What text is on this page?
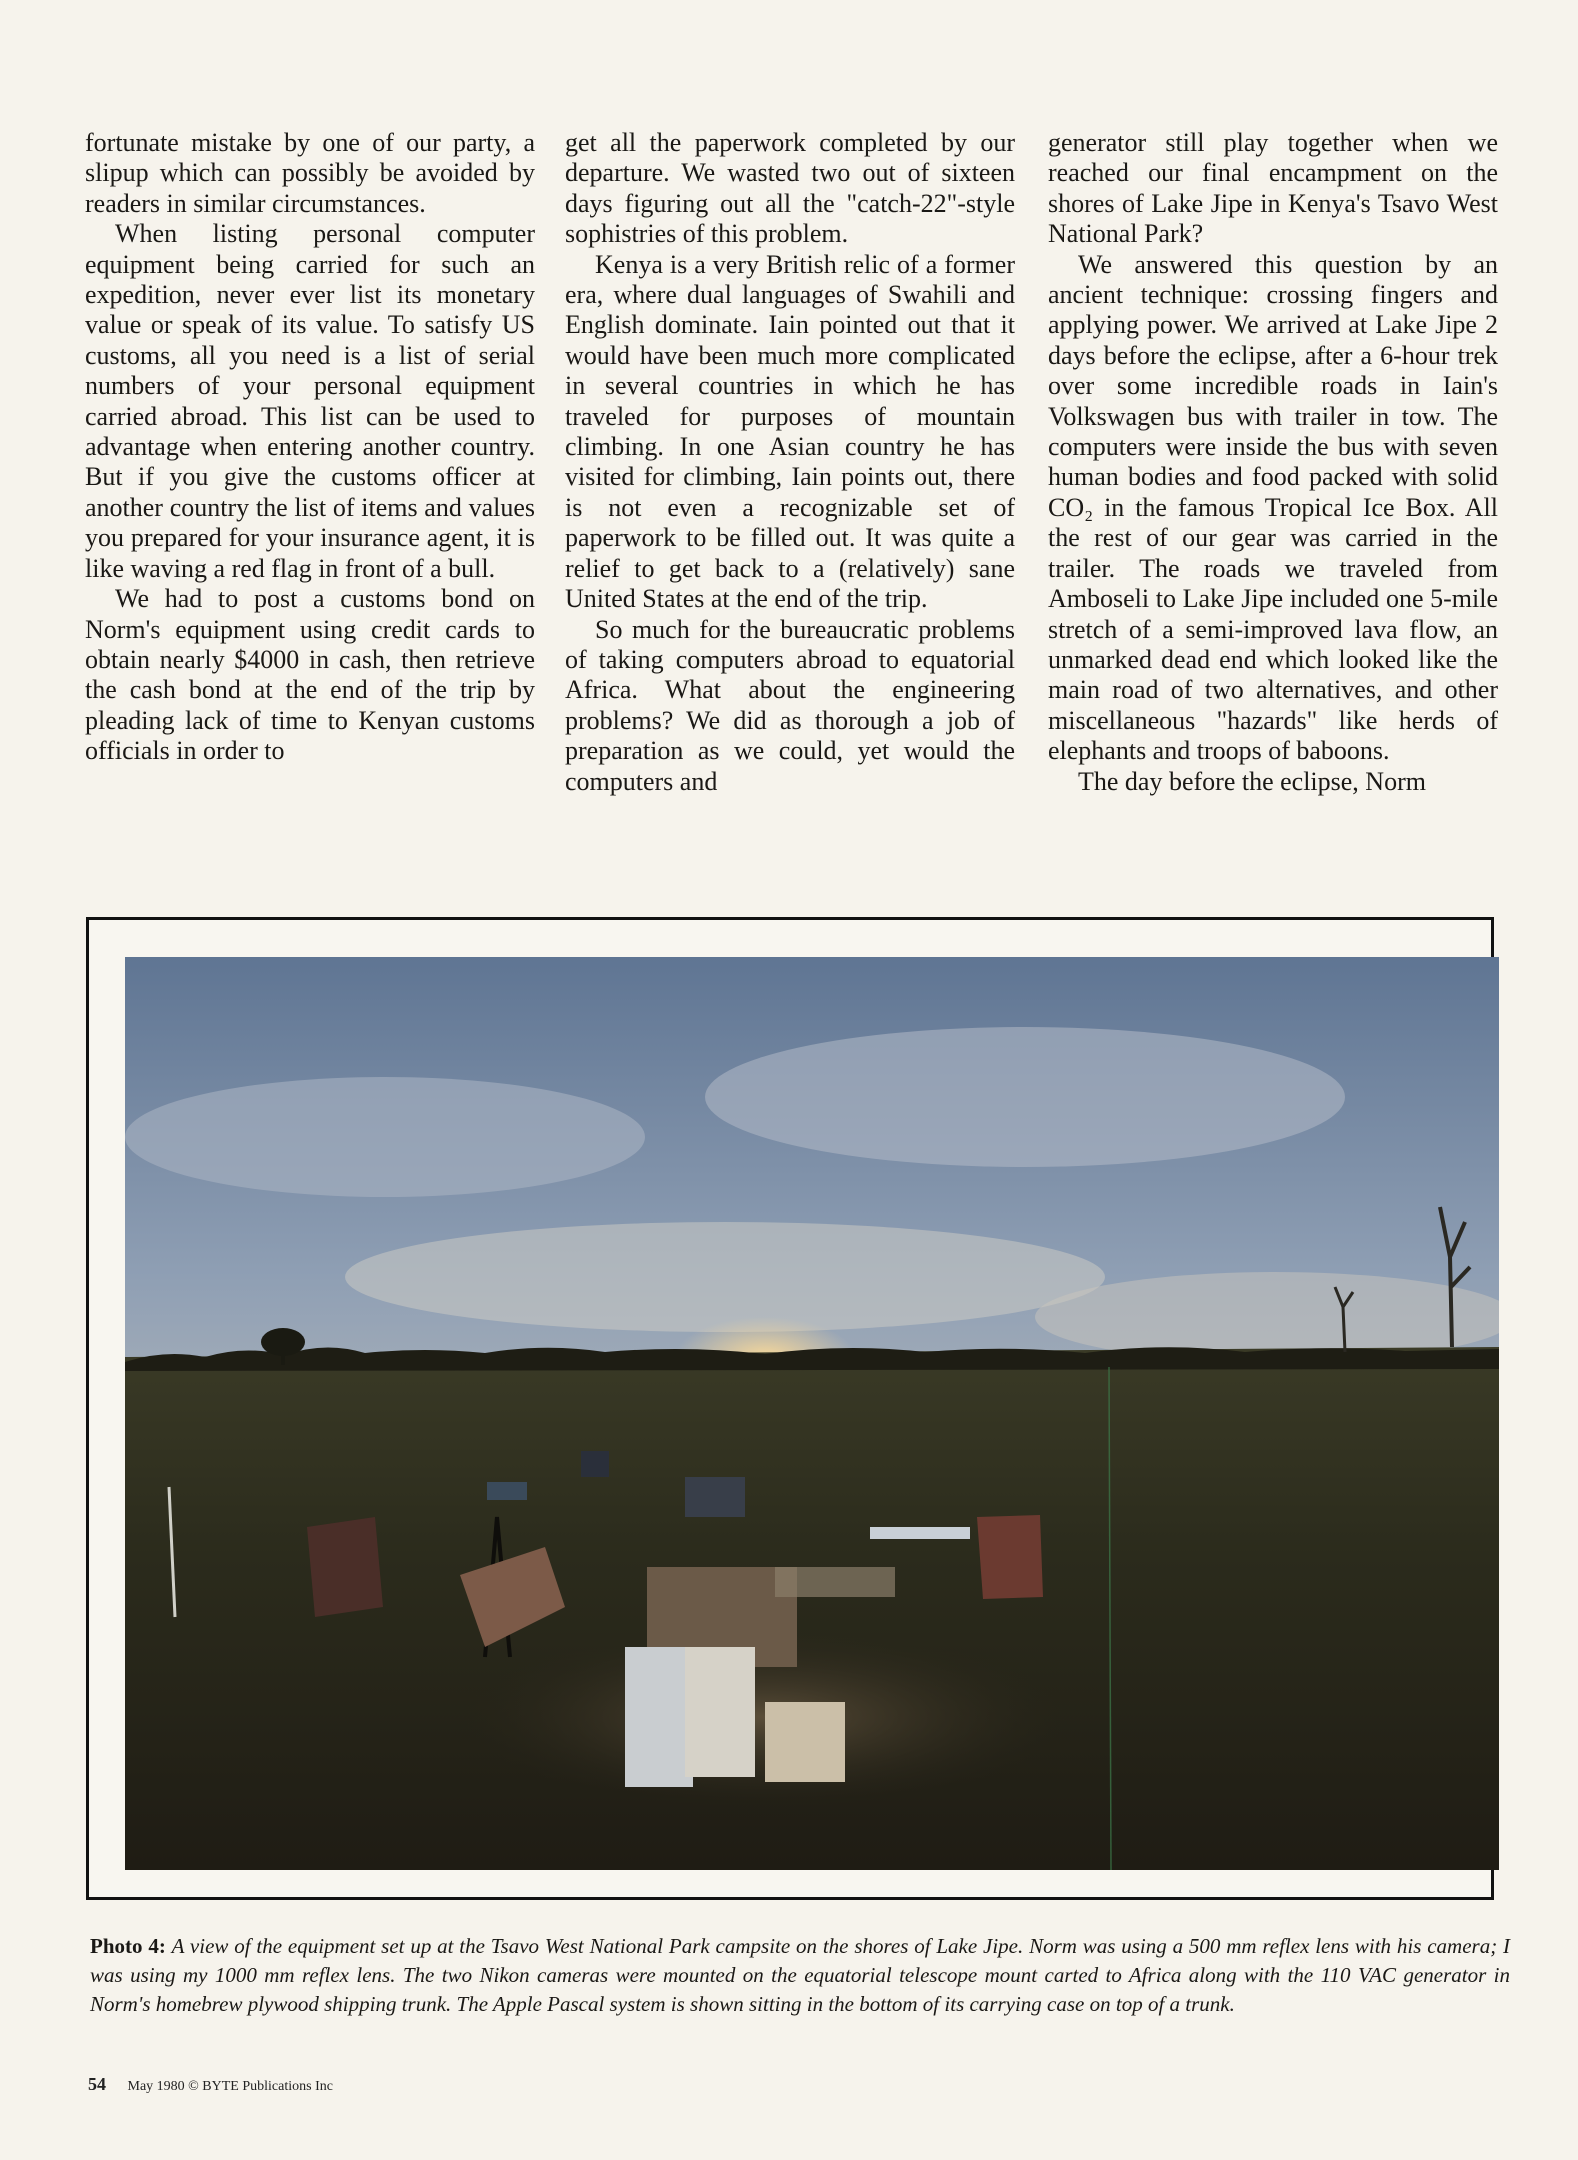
fortunate mistake by one of our party, a slipup which can possibly be avoided by readers in similar circumstances.

When listing personal computer equipment being carried for such an expedition, never ever list its monetary value or speak of its value. To satisfy US customs, all you need is a list of serial numbers of your personal equipment carried abroad. This list can be used to advantage when entering another country. But if you give the customs officer at another country the list of items and values you prepared for your insurance agent, it is like waving a red flag in front of a bull.

We had to post a customs bond on Norm's equipment using credit cards to obtain nearly $4000 in cash, then retrieve the cash bond at the end of the trip by pleading lack of time to Kenyan customs officials in order to

get all the paperwork completed by our departure. We wasted two out of sixteen days figuring out all the "catch-22"-style sophistries of this problem.

Kenya is a very British relic of a former era, where dual languages of Swahili and English dominate. Iain pointed out that it would have been much more complicated in several countries in which he has traveled for purposes of mountain climbing. In one Asian country he has visited for climbing, Iain points out, there is not even a recognizable set of paperwork to be filled out. It was quite a relief to get back to a (relatively) sane United States at the end of the trip.

So much for the bureaucratic problems of taking computers abroad to equatorial Africa. What about the engineering problems? We did as thorough a job of preparation as we could, yet would the computers and

generator still play together when we reached our final encampment on the shores of Lake Jipe in Kenya's Tsavo West National Park?

We answered this question by an ancient technique: crossing fingers and applying power. We arrived at Lake Jipe 2 days before the eclipse, after a 6-hour trek over some incredible roads in Iain's Volkswagen bus with trailer in tow. The computers were inside the bus with seven human bodies and food packed with solid CO₂ in the famous Tropical Ice Box. All the rest of our gear was carried in the trailer. The roads we traveled from Amboseli to Lake Jipe included one 5-mile stretch of a semi-improved lava flow, an unmarked dead end which looked like the main road of two alternatives, and other miscellaneous "hazards" like herds of elephants and troops of baboons.

The day before the eclipse, Norm

Photo 4: A view of the equipment set up at the Tsavo West National Park campsite on the shores of Lake Jipe. Norm was using a 500 mm reflex lens with his camera; I was using my 1000 mm reflex lens. The two Nikon cameras were mounted on the equatorial telescope mount carted to Africa along with the 110 VAC generator in Norm's homebrew plywood shipping trunk. The Apple Pascal system is shown sitting in the bottom of its carrying case on top of a trunk.
54 May 1980 © BYTE Publications Inc
